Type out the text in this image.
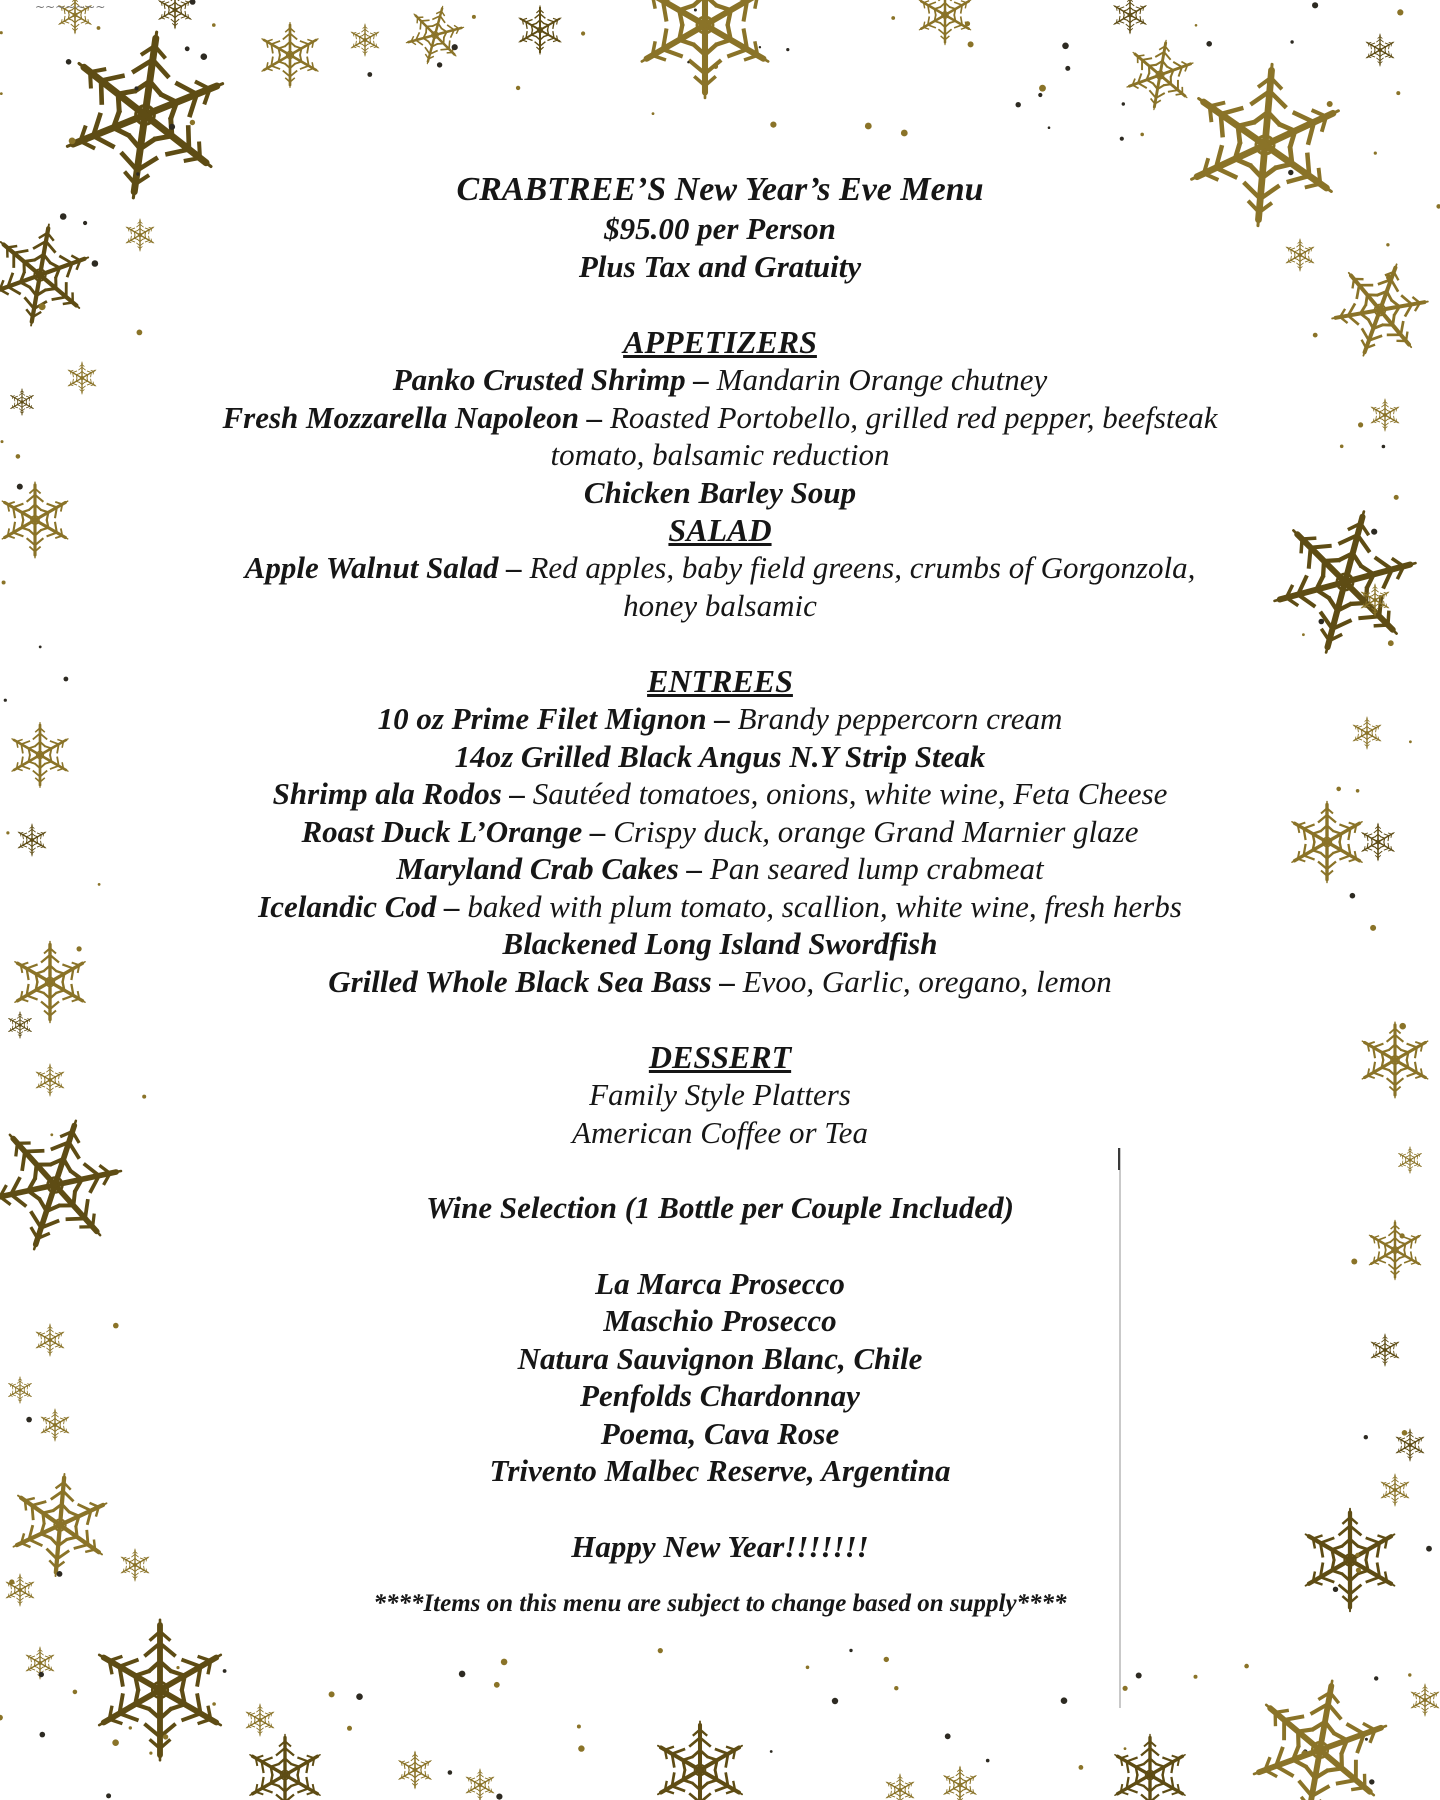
~~~~~~~
CRABTREE’S New Year’s Eve Menu
$95.00 per Person
Plus Tax and Gratuity
APPETIZERS
Panko Crusted Shrimp – Mandarin Orange chutney
Fresh Mozzarella Napoleon – Roasted Portobello, grilled red pepper, beefsteak
tomato, balsamic reduction
Chicken Barley Soup
SALAD
Apple Walnut Salad – Red apples, baby field greens, crumbs of Gorgonzola,
honey balsamic
ENTREES
10 oz Prime Filet Mignon – Brandy peppercorn cream
14oz Grilled Black Angus N.Y Strip Steak
Shrimp ala Rodos – Sautéed tomatoes, onions, white wine, Feta Cheese
Roast Duck L’Orange – Crispy duck, orange Grand Marnier glaze
Maryland Crab Cakes – Pan seared lump crabmeat
Icelandic Cod – baked with plum tomato, scallion, white wine, fresh herbs
Blackened Long Island Swordfish
Grilled Whole Black Sea Bass – Evoo, Garlic, oregano, lemon
DESSERT
Family Style Platters
American Coffee or Tea
Wine Selection (1 Bottle per Couple Included)
La Marca Prosecco
Maschio Prosecco
Natura Sauvignon Blanc, Chile
Penfolds Chardonnay
Poema, Cava Rose
Trivento Malbec Reserve, Argentina
Happy New Year!!!!!!!
****Items on this menu are subject to change based on supply****
